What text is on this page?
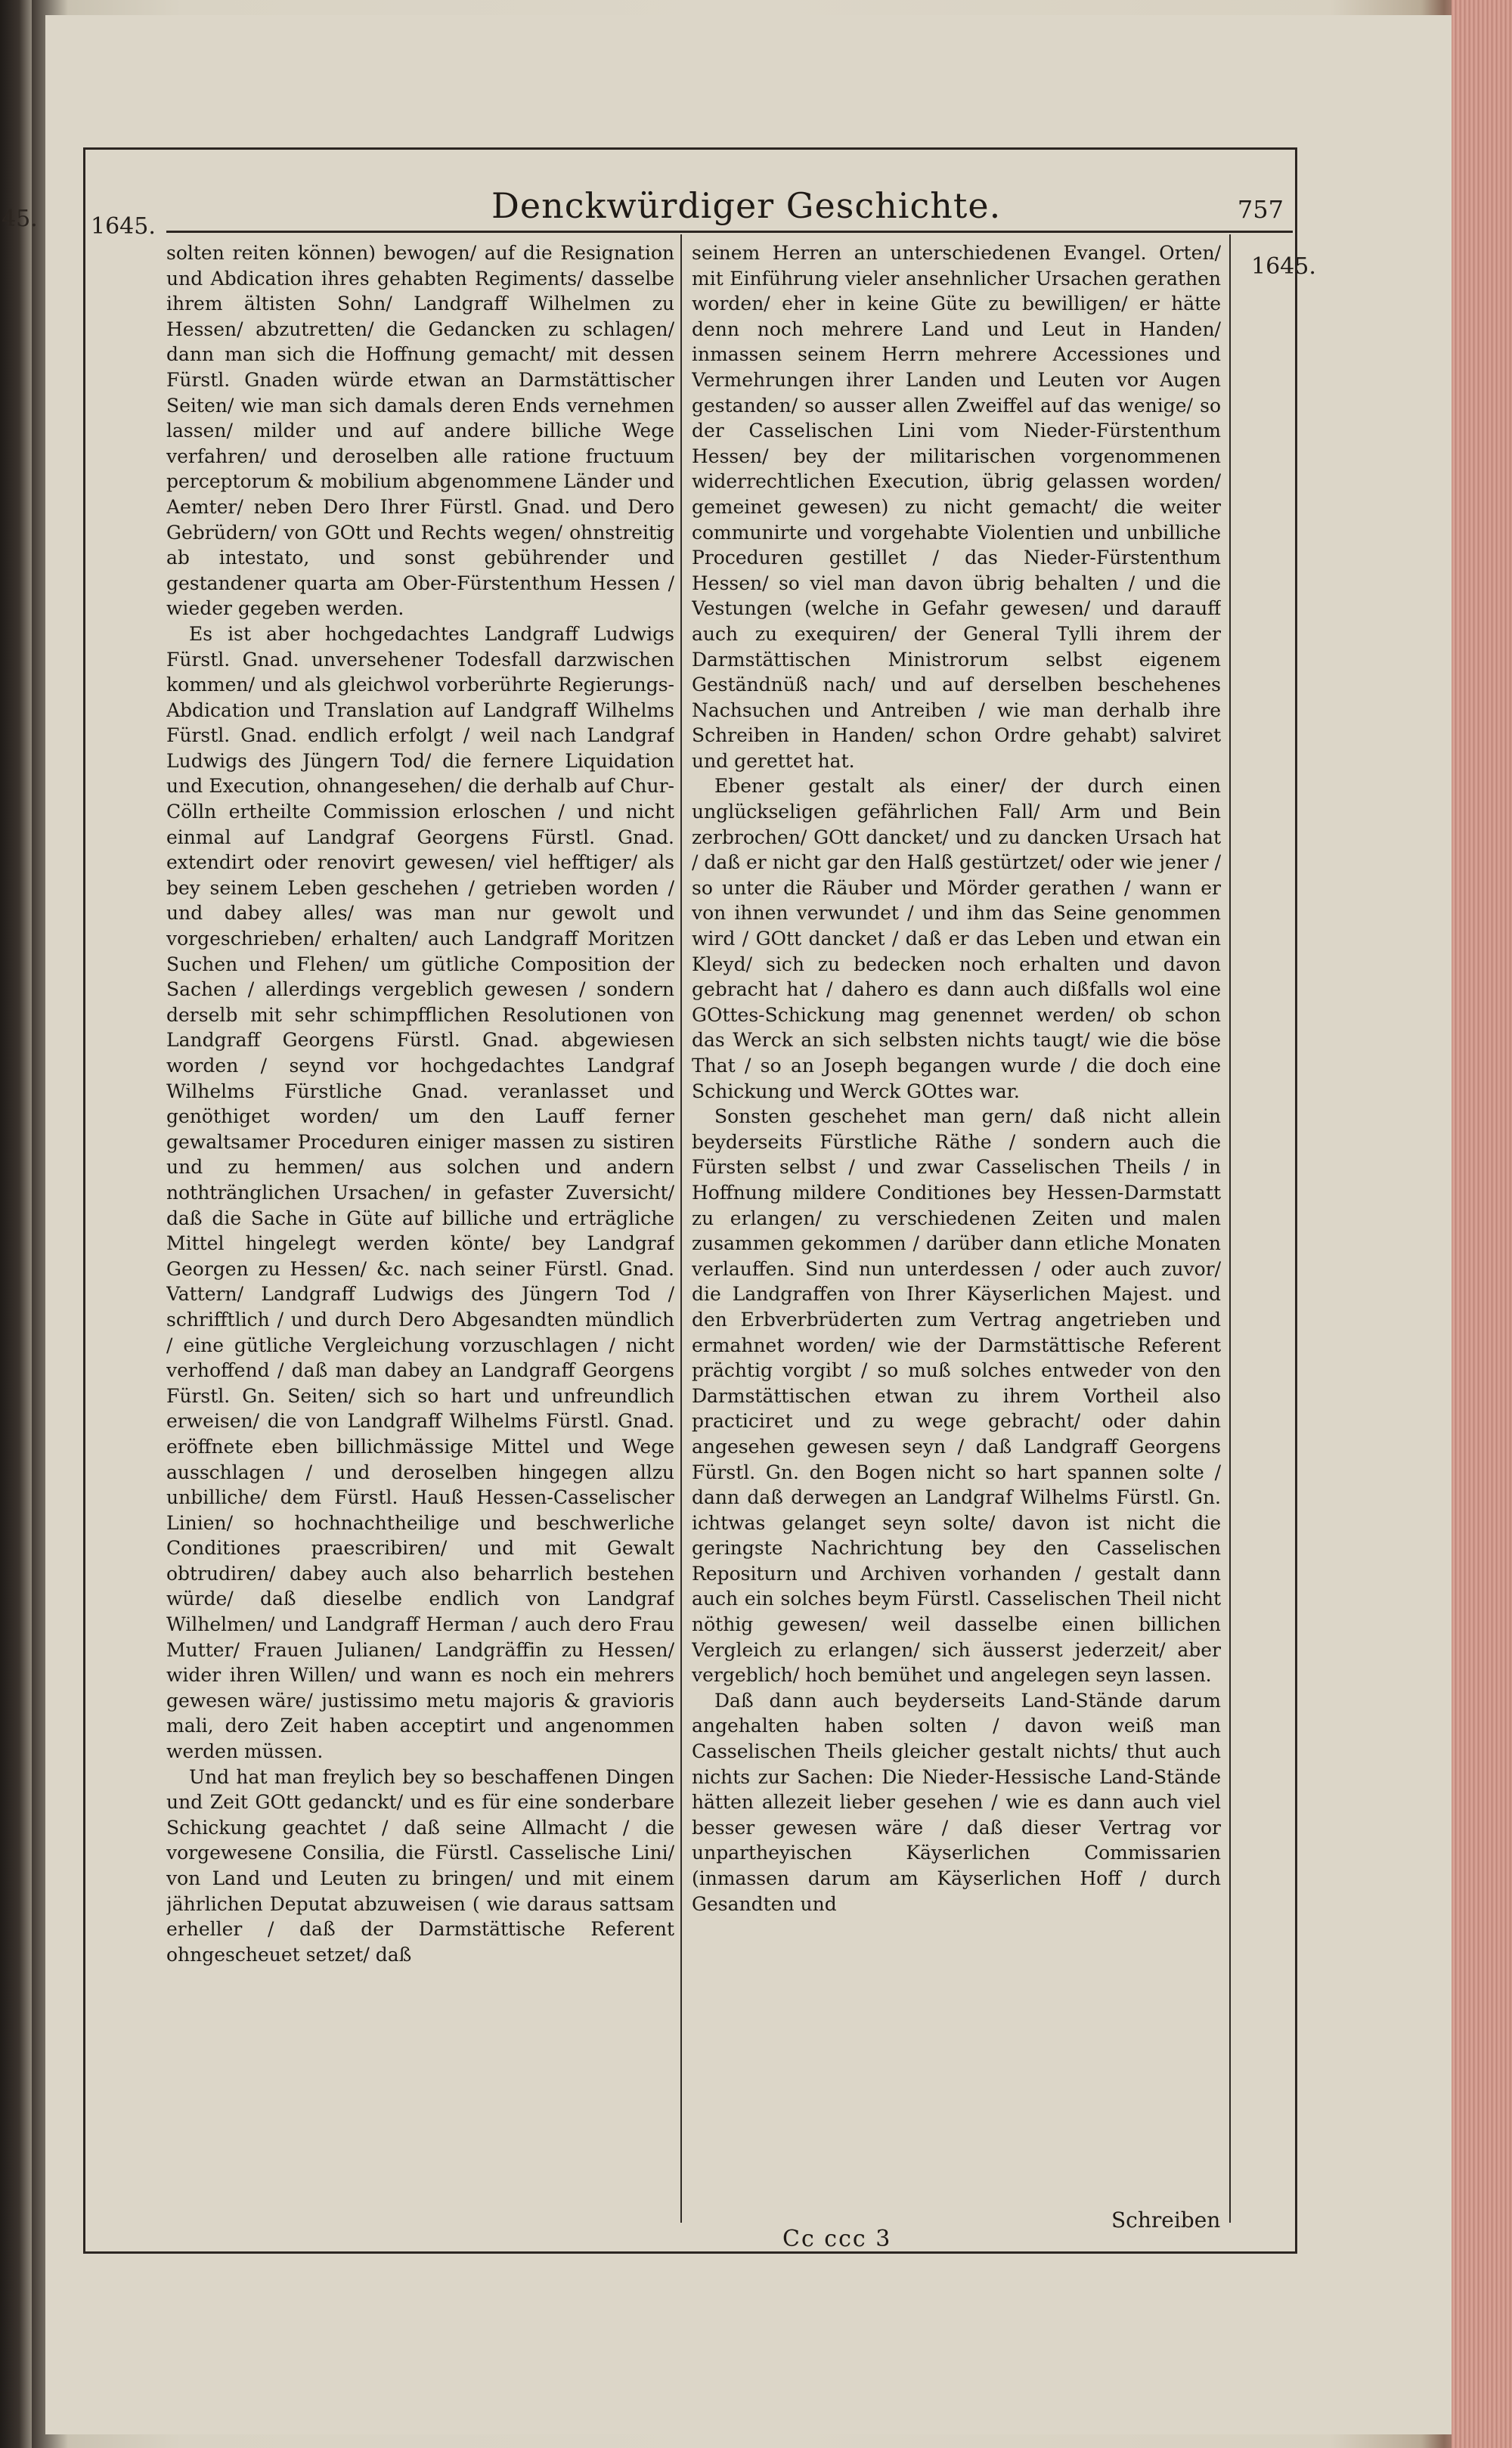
45.	Denckwürdiger Geschichte.	757
1645.
1645.

solten reiten können) bewogen/ auf die Resignation und Abdication ihres gehabten Regiments/ dasselbe ihrem ältisten Sohn/ Landgraff Wilhelmen zu Hessen/ abzutretten/ die Gedancken zu schlagen/ dann man sich die Hoffnung gemacht/ mit dessen Fürstl. Gnaden würde etwan an Darmstättischer Seiten/ wie man sich damals deren Ends vernehmen lassen/ milder und auf andere billiche Wege verfahren/ und deroselben alle ratione fructuum perceptorum & mobilium abgenommene Länder und Aemter/ neben Dero Ihrer Fürstl. Gnad. und Dero Gebrüdern/ von GOtt und Rechts wegen/ ohnstreitig ab intestato, und sonst gebührender und gestandener quarta am Ober-Fürstenthum Hessen / wieder gegeben werden.

Es ist aber hochgedachtes Landgraff Ludwigs Fürstl. Gnad. unversehener Todesfall darzwischen kommen/ und als gleichwol vorberührte Regierungs-Abdication und Translation auf Landgraff Wilhelms Fürstl. Gnad. endlich erfolgt / weil nach Landgraf Ludwigs des Jüngern Tod/ die fernere Liquidation und Execution, ohnangesehen/ die derhalb auf Chur-Cölln ertheilte Commission erloschen / und nicht einmal auf Landgraf Georgens Fürstl. Gnad. extendirt oder renovirt gewesen/ viel hefftiger/ als bey seinem Leben geschehen / getrieben worden / und dabey alles/ was man nur gewolt und vorgeschrieben/ erhalten/ auch Landgraff Moritzen Suchen und Flehen/ um gütliche Composition der Sachen / allerdings vergeblich gewesen / sondern derselb mit sehr schimpfflichen Resolutionen von Landgraff Georgens Fürstl. Gnad. abgewiesen worden / seynd vor hochgedachtes Landgraf Wilhelms Fürstliche Gnad. veranlasset und genöthiget worden/ um den Lauff ferner gewaltsamer Proceduren einiger massen zu sistiren und zu hemmen/ aus solchen und andern nothtränglichen Ursachen/ in gefaster Zuversicht/ daß die Sache in Güte auf billiche und erträgliche Mittel hingelegt werden könte/ bey Landgraf Georgen zu Hessen/ &c. nach seiner Fürstl. Gnad. Vattern/ Landgraff Ludwigs des Jüngern Tod / schrifftlich / und durch Dero Abgesandten mündlich / eine gütliche Vergleichung vorzuschlagen / nicht verhoffend / daß man dabey an Landgraff Georgens Fürstl. Gn. Seiten/ sich so hart und unfreundlich erweisen/ die von Landgraff Wilhelms Fürstl. Gnad. eröffnete eben billichmässige Mittel und Wege ausschlagen / und deroselben hingegen allzu unbilliche/ dem Fürstl. Hauß Hessen-Casselischer Linien/ so hochnachtheilige und beschwerliche Conditiones praescribiren/ und mit Gewalt obtrudiren/ dabey auch also beharrlich bestehen würde/ daß dieselbe endlich von Landgraf Wilhelmen/ und Landgraff Herman / auch dero Frau Mutter/ Frauen Julianen/ Landgräffin zu Hessen/ wider ihren Willen/ und wann es noch ein mehrers gewesen wäre/ justissimo metu majoris & gravioris mali, dero Zeit haben acceptirt und angenommen werden müssen.

Und hat man freylich bey so beschaffenen Dingen und Zeit GOtt gedanckt/ und es für eine sonderbare Schickung geachtet / daß seine Allmacht / die vorgewesene Consilia, die Fürstl. Casselische Lini/ von Land und Leuten zu bringen/ und mit einem jährlichen Deputat abzuweisen ( wie daraus sattsam erheller / daß der Darmstättische Referent ohngescheuet setzet/ daß

seinem Herren an unterschiedenen Evangel. Orten/ mit Einführung vieler ansehnlicher Ursachen gerathen worden/ eher in keine Güte zu bewilligen/ er hätte denn noch mehrere Land und Leut in Handen/ inmassen seinem Herrn mehrere Accessiones und Vermehrungen ihrer Landen und Leuten vor Augen gestanden/ so ausser allen Zweiffel auf das wenige/ so der Casselischen Lini vom Nieder-Fürstenthum Hessen/ bey der militarischen vorgenommenen widerrechtlichen Execution, übrig gelassen worden/ gemeinet gewesen) zu nicht gemacht/ die weiter communirte und vorgehabte Violentien und unbilliche Proceduren gestillet / das Nieder-Fürstenthum Hessen/ so viel man davon übrig behalten / und die Vestungen (welche in Gefahr gewesen/ und darauff auch zu exequiren/ der General Tylli ihrem der Darmstättischen Ministrorum selbst eigenem Geständnüß nach/ und auf derselben beschehenes Nachsuchen und Antreiben / wie man derhalb ihre Schreiben in Handen/ schon Ordre gehabt) salviret und gerettet hat.

Ebener gestalt als einer/ der durch einen unglückseligen gefährlichen Fall/ Arm und Bein zerbrochen/ GOtt dancket/ und zu dancken Ursach hat / daß er nicht gar den Halß gestürtzet/ oder wie jener / so unter die Räuber und Mörder gerathen / wann er von ihnen verwundet / und ihm das Seine genommen wird / GOtt dancket / daß er das Leben und etwan ein Kleyd/ sich zu bedecken noch erhalten und davon gebracht hat / dahero es dann auch dißfalls wol eine GOttes-Schickung mag genennet werden/ ob schon das Werck an sich selbsten nichts taugt/ wie die böse That / so an Joseph begangen wurde / die doch eine Schickung und Werck GOttes war.

Sonsten geschehet man gern/ daß nicht allein beyderseits Fürstliche Räthe / sondern auch die Fürsten selbst / und zwar Casselischen Theils / in Hoffnung mildere Conditiones bey Hessen-Darmstatt zu erlangen/ zu verschiedenen Zeiten und malen zusammen gekommen / darüber dann etliche Monaten verlauffen. Sind nun unterdessen / oder auch zuvor/ die Landgraffen von Ihrer Käyserlichen Majest. und den Erbverbrüderten zum Vertrag angetrieben und ermahnet worden/ wie der Darmstättische Referent prächtig vorgibt / so muß solches entweder von den Darmstättischen etwan zu ihrem Vortheil also practiciret und zu wege gebracht/ oder dahin angesehen gewesen seyn / daß Landgraff Georgens Fürstl. Gn. den Bogen nicht so hart spannen solte / dann daß derwegen an Landgraf Wilhelms Fürstl. Gn. ichtwas gelanget seyn solte/ davon ist nicht die geringste Nachrichtung bey den Casselischen Repositurn und Archiven vorhanden / gestalt dann auch ein solches beym Fürstl. Casselischen Theil nicht nöthig gewesen/ weil dasselbe einen billichen Vergleich zu erlangen/ sich äusserst jederzeit/ aber vergeblich/ hoch bemühet und angelegen seyn lassen.

Daß dann auch beyderseits Land-Stände darum angehalten haben solten / davon weiß man Casselischen Theils gleicher gestalt nichts/ thut auch nichts zur Sachen: Die Nieder-Hessische Land-Stände hätten allezeit lieber gesehen / wie es dann auch viel besser gewesen wäre / daß dieser Vertrag vor unpartheyischen Käyserlichen Commissarien (inmassen darum am Käyserlichen Hoff / durch Gesandten und

Schreiben
Cc ccc 3
